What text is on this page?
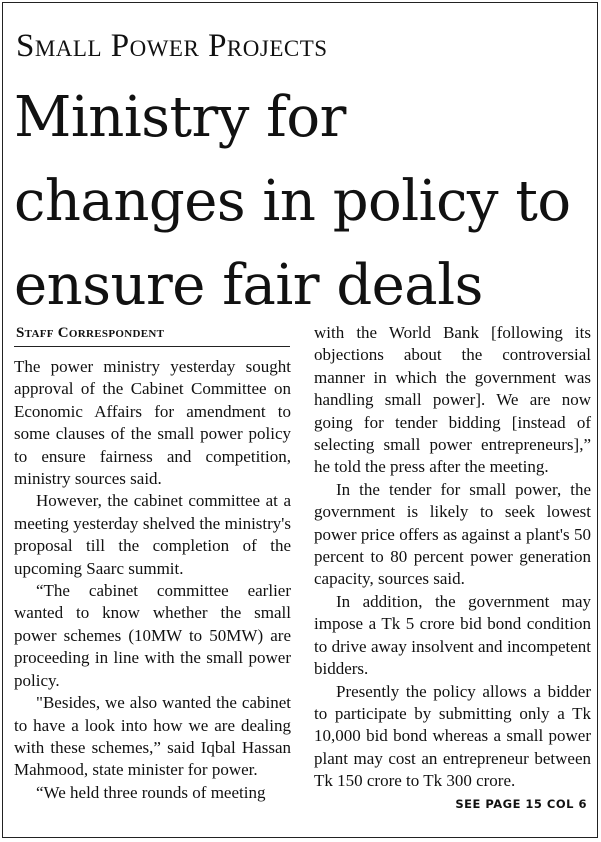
Small Power Projects
Ministry for changes in policy to ensure fair deals
Staff Correspondent

The power ministry yesterday sought approval of the Cabinet Committee on Economic Affairs for amendment to some clauses of the small power policy to ensure fairness and competition, ministry sources said.

However, the cabinet committee at a meeting yesterday shelved the ministry's proposal till the completion of the upcoming Saarc summit.

“The cabinet committee earlier wanted to know whether the small power schemes (10MW to 50MW) are proceeding in line with the small power policy.

"Besides, we also wanted the cabinet to have a look into how we are dealing with these schemes,” said Iqbal Hassan Mahmood, state minister for power.

“We held three rounds of meeting

with the World Bank [following its objections about the controversial manner in which the government was handling small power]. We are now going for tender bidding [instead of selecting small power entrepreneurs],” he told the press after the meeting.

In the tender for small power, the government is likely to seek lowest power price offers as against a plant's 50 percent to 80 percent power generation capacity, sources said.

In addition, the government may impose a Tk 5 crore bid bond condition to drive away insolvent and incompetent bidders.

Presently the policy allows a bidder to participate by submitting only a Tk 10,000 bid bond whereas a small power plant may cost an entrepreneur between Tk 150 crore to Tk 300 crore.

SEE PAGE 15 COL 6
